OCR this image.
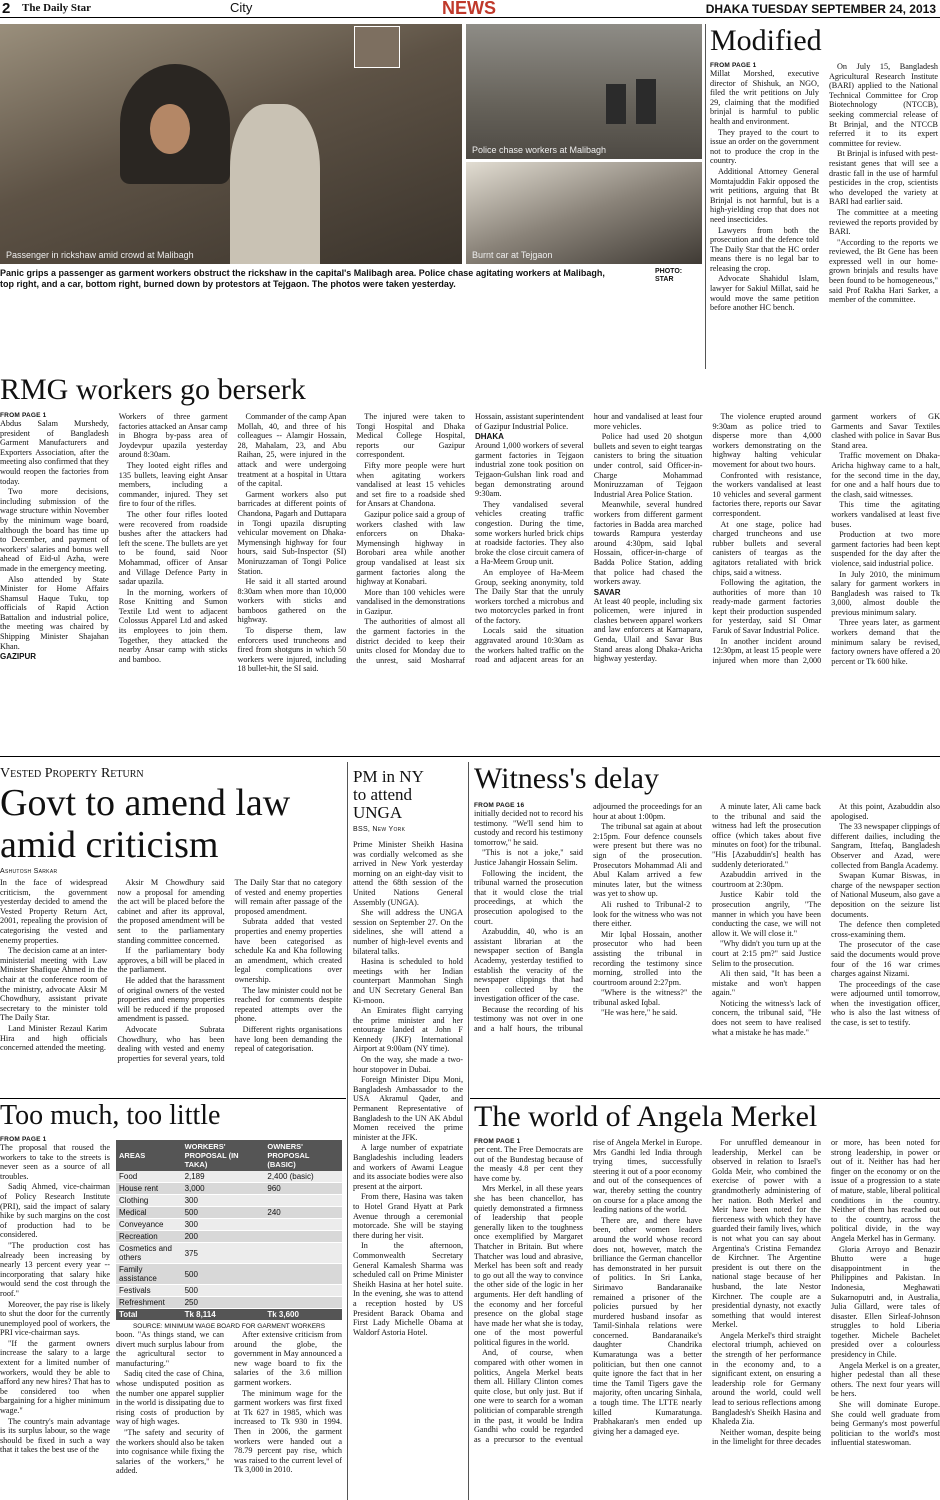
2 The Daily Star	City	NEWS	DHAKA TUESDAY SEPTEMBER 24, 2013
Passenger in rickshaw amid crowd at Malibagh
Police chase workers at Malibagh
Burnt car at Tejgaon
Panic grips a passenger as garment workers obstruct the rickshaw in the capital's Malibagh area. Police chase agitating workers at Malibagh, top right, and a car, bottom right, burned down by protestors at Tejgaon. The photos were taken yesterday.
PHOTO:
STAR
Modified
FROM PAGE 1

Millat Morshed, executive director of Shishuk, an NGO, filed the writ petitions on July 29, claiming that the modified brinjal is harmful to public health and environment.

They prayed to the court to issue an order on the government not to produce the crop in the country.

Additional Attorney General Momtajuddin Fakir opposed the writ petitions, arguing that Bt Brinjal is not harmful, but is a high-yielding crop that does not need insecticides.

Lawyers from both the prosecution and the defence told The Daily Star that the HC order means there is no legal bar to releasing the crop.

Advocate Shahidul Islam, lawyer for Sakiul Millat, said he would move the same petition before another HC bench.

On July 15, Bangladesh Agricultural Research Institute (BARI) applied to the National Technical Committee for Crop Biotechnology (NTCCB), seeking commercial release of Bt Brinjal, and the NTCCB referred it to its expert committee for review.

Bt Brinjal is infused with pest-resistant genes that will see a drastic fall in the use of harmful pesticides in the crop, scientists who developed the variety at BARI had earlier said.

The committee at a meeting reviewed the reports provided by BARI.

"According to the reports we reviewed, the Bt Gene has been expressed well in our home-grown brinjals and results have been found to be homogeneous," said Prof Rakha Hari Sarker, a member of the committee.

RMG workers go berserk
FROM PAGE 1

Abdus Salam Murshedy, president of Bangladesh Garment Manufacturers and Exporters Association, after the meeting also confirmed that they would reopen the factories from today.

Two more decisions, including submission of the wage structure within November by the minimum wage board, although the board has time up to December, and payment of workers' salaries and bonus well ahead of Eid-ul Azha, were made in the emergency meeting.

Also attended by State Minister for Home Affairs Shamsul Haque Tuku, top officials of Rapid Action Battalion and industrial police, the meeting was chaired by Shipping Minister Shajahan Khan.

GAZIPUR

Workers of three garment factories attacked an Ansar camp in Bhogra by-pass area of Joydevpur upazila yesterday around 8:30am.

They looted eight rifles and 135 bullets, leaving eight Ansar members, including a commander, injured. They set fire to four of the rifles.

The other four rifles looted were recovered from roadside bushes after the attackers had left the scene. The bullets are yet to be found, said Noor Mohammad, officer of Ansar and Village Defence Party in sadar upazila.

In the morning, workers of Rose Knitting and Sumon Textile Ltd went to adjacent Colossus Apparel Ltd and asked its employees to join them. Together, they attacked the nearby Ansar camp with sticks and bamboo.

Commander of the camp Apan Mollah, 40, and three of his colleagues -- Alamgir Hossain, 28, Mahalam, 23, and Abu Raihan, 25, were injured in the attack and were undergoing treatment at a hospital in Uttara of the capital.

Garment workers also put barricades at different points of Chandona, Pagarh and Duttapara in Tongi upazila disrupting vehicular movement on Dhaka-Mymensingh highway for four hours, said Sub-Inspector (SI) Moniruzzaman of Tongi Police Station.

He said it all started around 8:30am when more than 10,000 workers with sticks and bamboos gathered on the highway.

To disperse them, law enforcers used truncheons and fired from shotguns in which 50 workers were injured, including 18 bullet-hit, the SI said.

The injured were taken to Tongi Hospital and Dhaka Medical College Hospital, reports our Gazipur correspondent.

Fifty more people were hurt when agitating workers vandalised at least 15 vehicles and set fire to a roadside shed for Ansars at Chandona.

Gazipur police said a group of workers clashed with law enforcers on Dhaka-Mymensingh highway in Borobari area while another group vandalised at least six garment factories along the highway at Konabari.

More than 100 vehicles were vandalised in the demonstrations in Gazipur.

The authorities of almost all the garment factories in the district decided to keep their units closed for Monday due to the unrest, said Mosharraf Hossain, assistant superintendent of Gazipur Industrial Police.

DHAKA

Around 1,000 workers of several garment factories in Tejgaon industrial zone took position on Tejgaon-Gulshan link road and began demonstrating around 9:30am.

They vandalised several vehicles creating traffic congestion. During the time, some workers hurled brick chips at roadside factories. They also broke the close circuit camera of a Ha-Meem Group unit.

An employee of Ha-Meem Group, seeking anonymity, told The Daily Star that the unruly workers torched a microbus and two motorcycles parked in front of the factory.

Locals said the situation aggravated around 10:30am as the workers halted traffic on the road and adjacent areas for an hour and vandalised at least four more vehicles.

Police had used 20 shotgun bullets and seven to eight teargas canisters to bring the situation under control, said Officer-in-Charge Mohammad Moniruzzaman of Tejgaon Industrial Area Police Station.

Meanwhile, several hundred workers from different garment factories in Badda area marched towards Rampura yesterday around 4:30pm, said Iqbal Hossain, officer-in-charge of Badda Police Station, adding that police had chased the workers away.

SAVAR

At least 40 people, including six policemen, were injured in clashes between apparel workers and law enforcers at Karnapara, Genda, Ulail and Savar Bus Stand areas along Dhaka-Aricha highway yesterday.

The violence erupted around 9:30am as police tried to disperse more than 4,000 workers demonstrating on the highway halting vehicular movement for about two hours.

Confronted with resistance, the workers vandalised at least 10 vehicles and several garment factories there, reports our Savar correspondent.

At one stage, police had charged truncheons and use rubber bullets and several canisters of teargas as the agitators retaliated with brick chips, said a witness.

Following the agitation, the authorities of more than 10 ready-made garment factories kept their production suspended for yesterday, said SI Omar Faruk of Savar Industrial Police.

In another incident around 12:30pm, at least 15 people were injured when more than 2,000 garment workers of GK Garments and Savar Textiles clashed with police in Savar Bus Stand area.

Traffic movement on Dhaka-Aricha highway came to a halt, for the second time in the day, for one and a half hours due to the clash, said witnesses.

This time the agitating workers vandalised at least five buses.

Production at two more garment factories had been kept suspended for the day after the violence, said industrial police.

In July 2010, the minimum salary for garment workers in Bangladesh was raised to Tk 3,000, almost double the previous minimum salary.

Three years later, as garment workers demand that the minimum salary be revised, factory owners have offered a 20 percent or Tk 600 hike.

Vested Property Return
Govt to amend law
amid criticism
Ashutosh Sarkar

In the face of widespread criticism, the government yesterday decided to amend the Vested Property Return Act, 2001, repealing the provision of categorising the vested and enemy properties.

The decision came at an inter-ministerial meeting with Law Minister Shafique Ahmed in the chair at the conference room of the ministry, advocate Aksir M Chowdhury, assistant private secretary to the minister told The Daily Star.

Land Minister Rezaul Karim Hira and high officials concerned attended the meeting.

Aksir M Chowdhury said now a proposal for amending the act will be placed before the cabinet and after its approval, the proposed amendment will be sent to the parliamentary standing committee concerned.

If the parliamentary body approves, a bill will be placed in the parliament.

He added that the harassment of original owners of the vested properties and enemy properties will be reduced if the proposed amendment is passed.

Advocate Subrata Chowdhury, who has been dealing with vested and enemy properties for several years, told The Daily Star that no category of vested and enemy properties will remain after passage of the proposed amendment.

Subrata added that vested properties and enemy properties have been categorised as schedule Ka and Kha following an amendment, which created legal complications over ownership.

The law minister could not be reached for comments despite repeated attempts over the phone.

Different rights organisations have long been demanding the repeal of categorisation.

PM in NY
to attend
UNGA
BSS, New York

Prime Minister Sheikh Hasina was cordially welcomed as she arrived in New York yesterday morning on an eight-day visit to attend the 68th session of the United Nations General Assembly (UNGA).

She will address the UNGA session on September 27. On the sidelines, she will attend a number of high-level events and bilateral talks.

Hasina is scheduled to hold meetings with her Indian counterpart Manmohan Singh and UN Secretary General Ban Ki-moon.

An Emirates flight carrying the prime minister and her entourage landed at John F Kennedy (JKF) International Airport at 9:00am (NY time).

On the way, she made a two-hour stopover in Dubai.

Foreign Minister Dipu Moni, Bangladesh Ambassador to the USA Akramul Qader, and Permanent Representative of Bangladesh to the UN AK Abdul Momen received the prime minister at the JFK.

A large number of expatriate Bangladeshis including leaders and workers of Awami League and its associate bodies were also present at the airport.

From there, Hasina was taken to Hotel Grand Hyatt at Park Avenue through a ceremonial motorcade. She will be staying there during her visit.

In the afternoon, Commonwealth Secretary General Kamalesh Sharma was scheduled call on Prime Minister Sheikh Hasina at her hotel suite. In the evening, she was to attend a reception hosted by US President Barack Obama and First Lady Michelle Obama at Waldorf Astoria Hotel.

Witness's delay
FROM PAGE 16

initially decided not to record his testimony. "We'll send him to custody and record his testimony tomorrow," he said.

"This is not a joke," said Justice Jahangir Hossain Selim.

Following the incident, the tribunal warned the prosecution that it would close the trial proceedings, at which the prosecution apologised to the court.

Azabuddin, 40, who is an assistant librarian at the newspaper section of Bangla Academy, yesterday testified to establish the veracity of the newspaper clippings that had been collected by the investigation officer of the case.

Because the recording of his testimony was not over in one and a half hours, the tribunal adjourned the proceedings for an hour at about 1:00pm.

The tribunal sat again at about 2:15pm. Four defence counsels were present but there was no sign of the prosecution. Prosecutors Mohammad Ali and Abul Kalam arrived a few minutes later, but the witness was yet to show up.

Ali rushed to Tribunal-2 to look for the witness who was not there either.

Mir Iqbal Hossain, another prosecutor who had been assisting the tribunal in recording the testimony since morning, strolled into the courtroom around 2:27pm.

"Where is the witness?" the tribunal asked Iqbal.

"He was here," he said.

A minute later, Ali came back to the tribunal and said the witness had left the prosecution office (which takes about five minutes on foot) for the tribunal. "His [Azabuddin's] health has suddenly deteriorated."

Azabuddin arrived in the courtroom at 2:30pm.

Justice Kabir told the prosecution angrily, "The manner in which you have been conducting the case, we will not allow it. We will close it."

"Why didn't you turn up at the court at 2:15 pm?" said Justice Selim to the prosecution.

Ali then said, "It has been a mistake and won't happen again."

Noticing the witness's lack of concern, the tribunal said, "He does not seem to have realised what a mistake he has made."

At this point, Azabuddin also apologised.

The 33 newspaper clippings of different dailies, including the Sangram, Ittefaq, Bangladesh Observer and Azad, were collected from Bangla Academy.

Swapan Kumar Biswas, in charge of the newspaper section of National Museum, also gave a deposition on the seizure list documents.

The defence then completed cross-examining them.

The prosecutor of the case said the documents would prove four of the 16 war crimes charges against Nizami.

The proceedings of the case were adjourned until tomorrow, when the investigation officer, who is also the last witness of the case, is set to testify.

Too much, too little
FROM PAGE 1

The proposal that roused the workers to take to the streets is never seen as a source of all troubles.

Sadiq Ahmed, vice-chairman of Policy Research Institute (PRI), said the impact of salary hike by such margins on the cost of production had to be considered.

"The production cost has already been increasing by nearly 13 percent every year -- incorporating that salary hike would send the cost through the roof."

Moreover, the pay rise is likely to shut the door for the currently unemployed pool of workers, the PRI vice-chairman says.

"If the garment owners increase the salary to a large extent for a limited number of workers, would they be able to afford any new hires? That has to be considered too when bargaining for a higher minimum wage."

The country's main advantage is its surplus labour, so the wage should be fixed in such a way that it takes the best use of the

AREAS	WORKERS' PROPOSAL (IN TAKA)	OWNERS' PROPOSAL (BASIC)
Food	2,189	2,400 (basic)
House rent	3,000	960
Clothing	300	
Medical	500	240
Conveyance	300	
Recreation	200	
Cosmetics and others	375	
Family assistance	500	
Festivals	500	
Refreshment	250	
Total	Tk 8,114	Tk 3,600
SOURCE: MINIMUM WAGE BOARD FOR GARMENT WORKERS

boon. "As things stand, we can divert much surplus labour from the agricultural sector to manufacturing."

Sadiq cited the case of China, whose undisputed position as the number one apparel supplier in the world is dissipating due to rising costs of production by way of high wages.

"The safety and security of the workers should also be taken into cognisance while fixing the salaries of the workers," he added.

After extensive criticism from around the globe, the government in May announced a new wage board to fix the salaries of the 3.6 million garment workers.

The minimum wage for the garment workers was first fixed at Tk 627 in 1985, which was increased to Tk 930 in 1994. Then in 2006, the garment workers were handed out a 78.79 percent pay rise, which was raised to the current level of Tk 3,000 in 2010.

The world of Angela Merkel
FROM PAGE 1

per cent. The Free Democrats are out of the Bundestag because of the measly 4.8 per cent they have come by.

Mrs Merkel, in all these years she has been chancellor, has quietly demonstrated a firmness of leadership that people generally liken to the toughness once exemplified by Margaret Thatcher in Britain. But where Thatcher was loud and abrasive, Merkel has been soft and ready to go out all the way to convince the other side of the logic in her arguments. Her deft handling of the economy and her forceful presence on the global stage have made her what she is today, one of the most powerful political figures in the world.

And, of course, when compared with other women in politics, Angela Merkel beats them all. Hillary Clinton comes quite close, but only just. But if one were to search for a woman politician of comparable strength in the past, it would be Indira Gandhi who could be regarded as a precursor to the eventual rise of Angela Merkel in Europe. Mrs Gandhi led India through trying times, successfully steering it out of a poor economy and out of the consequences of war, thereby setting the country on course for a place among the leading nations of the world.

There are, and there have been, other women leaders around the world whose record does not, however, match the brilliance the German chancellor has demonstrated in her pursuit of politics. In Sri Lanka, Sirimavo Bandaranaike remained a prisoner of the policies pursued by her murdered husband insofar as Tamil-Sinhala relations were concerned. Bandaranaike's daughter Chandrika Kumaratunga was a better politician, but then one cannot quite ignore the fact that in her time the Tamil Tigers gave the majority, often uncaring Sinhala, a tough time. The LTTE nearly killed Kumaratunga. Prabhakaran's men ended up giving her a damaged eye.

For unruffled demeanour in leadership, Merkel can be observed in relation to Israel's Golda Meir, who combined the exercise of power with a grandmotherly administering of her nation. Both Merkel and Meir have been noted for the fierceness with which they have guarded their family lives, which is not what you can say about Argentina's Cristina Fernandez de Kirchner. The Argentine president is out there on the national stage because of her husband, the late Nestor Kirchner. The couple are a presidential dynasty, not exactly something that would interest Merkel.

Angela Merkel's third straight electoral triumph, achieved on the strength of her performance in the economy and, to a significant extent, on ensuring a leadership role for Germany around the world, could well lead to serious reflections among Bangladesh's Sheikh Hasina and Khaleda Zia.

Neither woman, despite being in the limelight for three decades or more, has been noted for strong leadership, in power or out of it. Neither has had her finger on the economy or on the issue of a progression to a state of mature, stable, liberal political conditions in the country. Neither of them has reached out to the country, across the political divide, in the way Angela Merkel has in Germany.

Gloria Arroyo and Benazir Bhutto were a huge disappointment in the Philippines and Pakistan. In Indonesia, Meghawati Sukarnoputri and, in Australia, Julia Gillard, were tales of disaster. Ellen Sirleaf-Johnson struggles to hold Liberia together. Michele Bachelet presided over a colourless presidency in Chile.

Angela Merkel is on a greater, higher pedestal than all these others. The next four years will be hers.

She will dominate Europe. She could well graduate from being Germany's most powerful politician to the world's most influential stateswoman.
